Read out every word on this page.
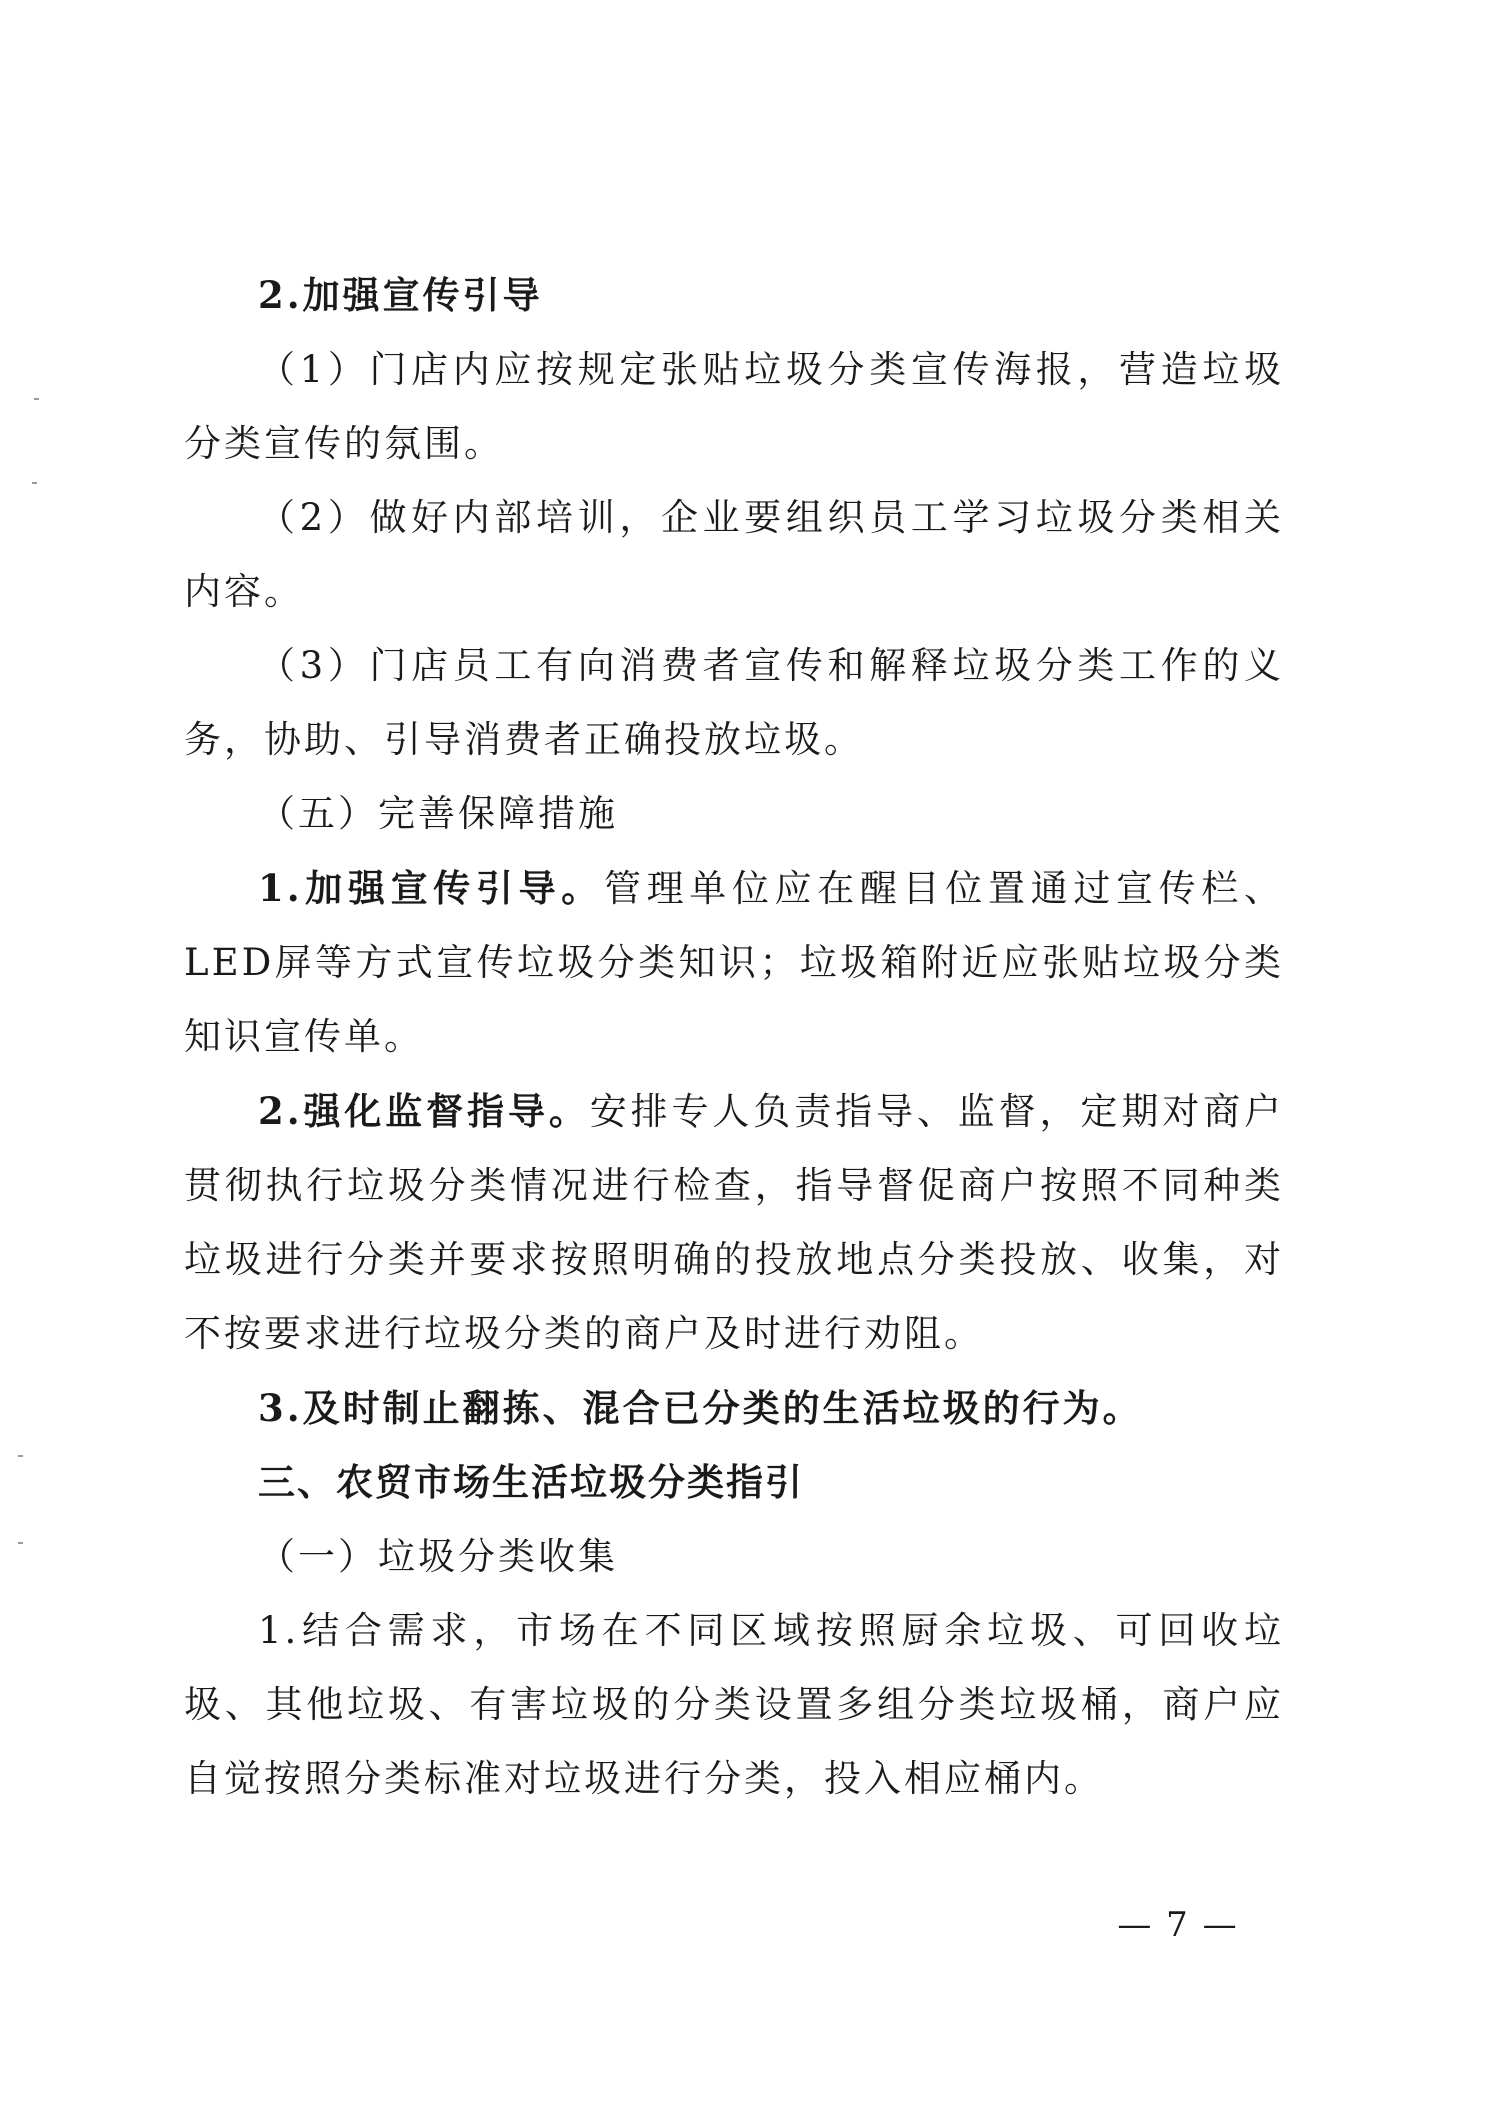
2.加强宣传引导

（1）门店内应按规定张贴垃圾分类宣传海报，营造垃圾分类宣传的氛围。

（2）做好内部培训，企业要组织员工学习垃圾分类相关内容。

（3）门店员工有向消费者宣传和解释垃圾分类工作的义务，协助、引导消费者正确投放垃圾。

（五）完善保障措施

1.加强宣传引导。管理单位应在醒目位置通过宣传栏、LED屏等方式宣传垃圾分类知识；垃圾箱附近应张贴垃圾分类知识宣传单。

2.强化监督指导。安排专人负责指导、监督，定期对商户贯彻执行垃圾分类情况进行检查，指导督促商户按照不同种类垃圾进行分类并要求按照明确的投放地点分类投放、收集，对不按要求进行垃圾分类的商户及时进行劝阻。

3.及时制止翻拣、混合已分类的生活垃圾的行为。

三、农贸市场生活垃圾分类指引

（一）垃圾分类收集

1.结合需求，市场在不同区域按照厨余垃圾、可回收垃圾、其他垃圾、有害垃圾的分类设置多组分类垃圾桶，商户应自觉按照分类标准对垃圾进行分类，投入相应桶内。

— 7 —
